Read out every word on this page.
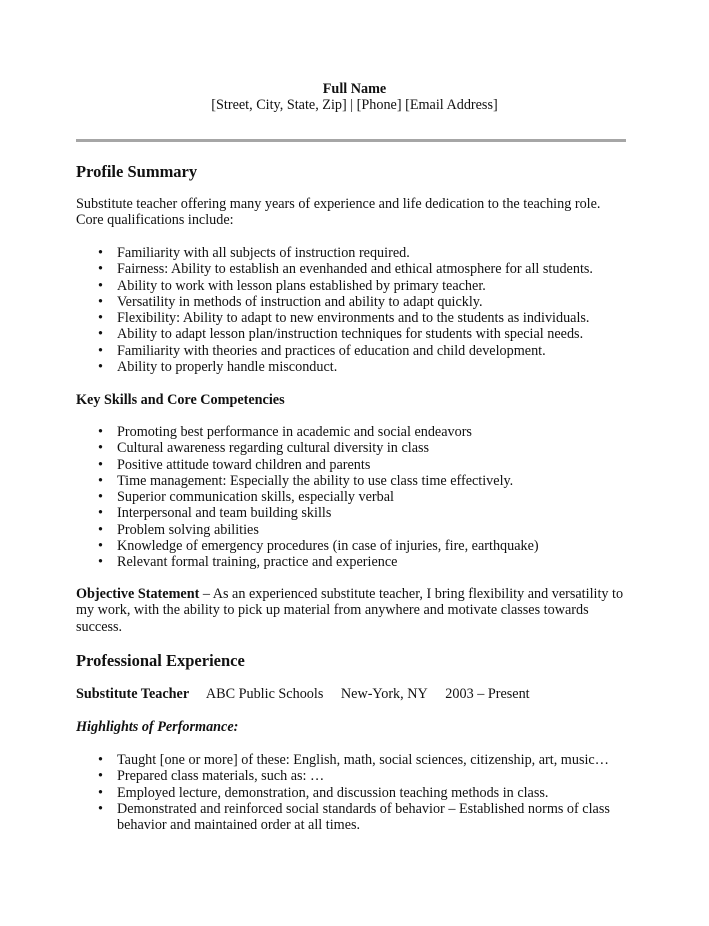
Full Name
[Street, City, State, Zip] | [Phone] [Email Address]
Profile Summary
Substitute teacher offering many years of experience and life dedication to the teaching role.
Core qualifications include:
• Familiarity with all subjects of instruction required.
• Fairness: Ability to establish an evenhanded and ethical atmosphere for all students.
• Ability to work with lesson plans established by primary teacher.
• Versatility in methods of instruction and ability to adapt quickly.
• Flexibility: Ability to adapt to new environments and to the students as individuals.
• Ability to adapt lesson plan/instruction techniques for students with special needs.
• Familiarity with theories and practices of education and child development.
• Ability to properly handle misconduct.
Key Skills and Core Competencies
• Promoting best performance in academic and social endeavors
• Cultural awareness regarding cultural diversity in class
• Positive attitude toward children and parents
• Time management: Especially the ability to use class time effectively.
• Superior communication skills, especially verbal
• Interpersonal and team building skills
• Problem solving abilities
• Knowledge of emergency procedures (in case of injuries, fire, earthquake)
• Relevant formal training, practice and experience
Objective Statement – As an experienced substitute teacher, I bring flexibility and versatility to my work, with the ability to pick up material from anywhere and motivate classes towards success.
Professional Experience
Substitute Teacher ABC Public Schools New-York, NY 2003 – Present
Highlights of Performance:
• Taught [one or more] of these: English, math, social sciences, citizenship, art, music…
• Prepared class materials, such as: …
• Employed lecture, demonstration, and discussion teaching methods in class.
• Demonstrated and reinforced social standards of behavior – Established norms of class behavior and maintained order at all times.
